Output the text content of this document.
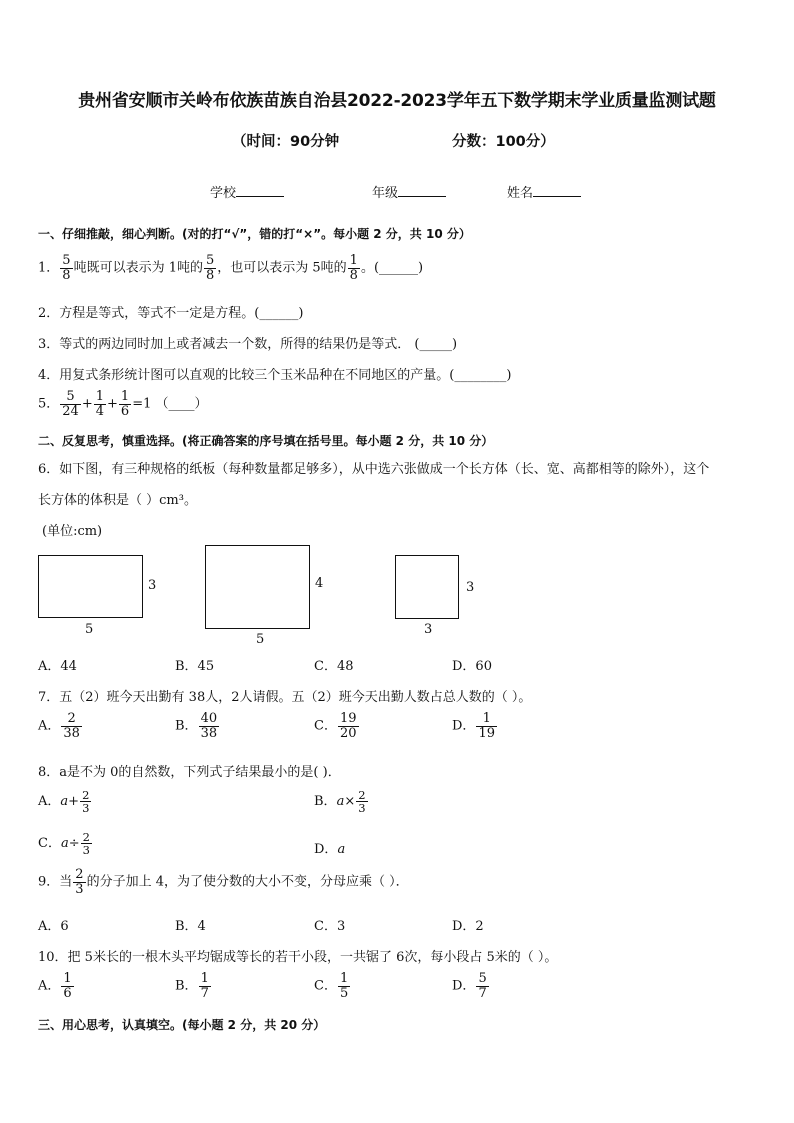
贵州省安顺市关岭布依族苗族自治县2022-2023学年五下数学期末学业质量监测试题
（时间：90分钟	分数：100分）
学校	年级	姓名
一、仔细推敲，细心判断。(对的打“√”，错的打“×”。每小题 2 分，共 10 分）
1． $\frac{5}{8}$ 吨既可以表示为 1吨的 $\frac{5}{8}$ ，也可以表示为 5吨的 $\frac{1}{8}$ 。(______)
2．方程是等式，等式不一定是方程。(______)
3．等式的两边同时加上或者减去一个数，所得的结果仍是等式． (_____)
4．用复式条形统计图可以直观的比较三个玉米品种在不同地区的产量。(________)
5． $\frac{5}{24} + \frac{1}{4} + \frac{1}{6} =1$ （____）
二、反复思考，慎重选择。(将正确答案的序号填在括号里。每小题 2 分，共 10 分）
6．如下图，有三种规格的纸板（每种数量都足够多），从中选六张做成一个长方体（长、宽、高都相等的除外），这个
长方体的体积是（ ）cm³。
(单位:cm)
3
5
4
5
3
3
A．44	B．45	C．48	D．60
7．五（2）班今天出勤有 38人，2人请假。五（2）班今天出勤人数占总人数的（ ）。
A． $\frac{2}{38}$	B． $\frac{40}{38}$	C． $\frac{19}{20}$	D． $\frac{1}{19}$
8．a是不为 0的自然数，下列式子结果最小的是( )．
A．$a+ \frac{2}{3}$	B．$a\times \frac{2}{3}$
C．$a\div \frac{2}{3}$	D．a
9．当 $\frac{2}{3}$ 的分子加上 4，为了使分数的大小不变，分母应乘（ ）．
A．6	B．4	C．3	D．2
10．把 5米长的一根木头平均锯成等长的若干小段，一共锯了 6次，每小段占 5米的（ ）。
A． $\frac{1}{6}$	B． $\frac{1}{7}$	C． $\frac{1}{5}$	D． $\frac{5}{7}$
三、用心思考，认真填空。(每小题 2 分，共 20 分）
